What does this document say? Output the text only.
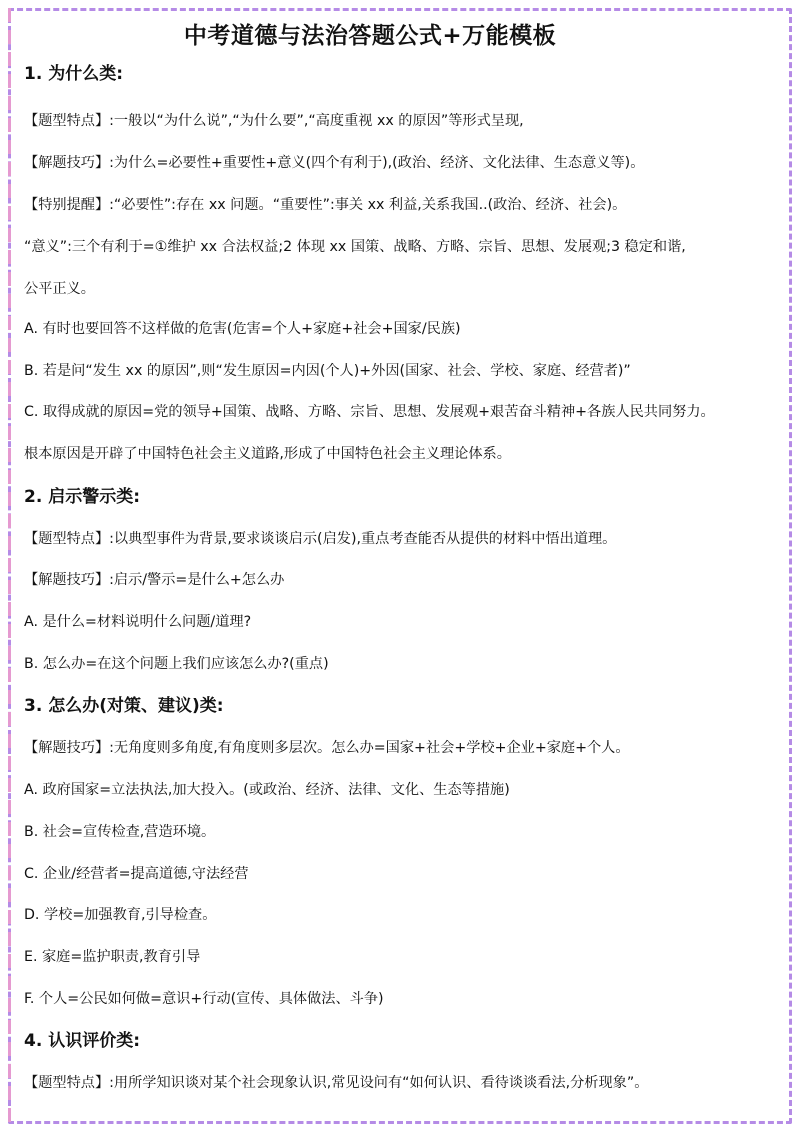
中考道德与法治答题公式+万能模板
1. 为什么类:
【题型特点】:一般以“为什么说”,“为什么要”,“高度重视 xx 的原因”等形式呈现,
【解题技巧】:为什么=必要性+重要性+意义(四个有利于),(政治、经济、文化法律、生态意义等)。
【特别提醒】:“必要性”:存在 xx 问题。“重要性”:事关 xx 利益,关系我国..(政治、经济、社会)。
“意义”:三个有利于=①维护 xx 合法权益;2 体现 xx 国策、战略、方略、宗旨、思想、发展观;3 稳定和谐,
公平正义。
A. 有时也要回答不这样做的危害(危害=个人+家庭+社会+国家/民族)
B. 若是问“发生 xx 的原因”,则“发生原因=内因(个人)+外因(国家、社会、学校、家庭、经营者)”
C. 取得成就的原因=党的领导+国策、战略、方略、宗旨、思想、发展观+艰苦奋斗精神+各族人民共同努力。
根本原因是开辟了中国特色社会主义道路,形成了中国特色社会主义理论体系。
2. 启示警示类:
【题型特点】:以典型事件为背景,要求谈谈启示(启发),重点考查能否从提供的材料中悟出道理。
【解题技巧】:启示/警示=是什么+怎么办
A. 是什么=材料说明什么问题/道理?
B. 怎么办=在这个问题上我们应该怎么办?(重点)
3. 怎么办(对策、建议)类:
【解题技巧】:无角度则多角度,有角度则多层次。怎么办=国家+社会+学校+企业+家庭+个人。
A. 政府国家=立法执法,加大投入。(或政治、经济、法律、文化、生态等措施)
B. 社会=宣传检查,营造环境。
C. 企业/经营者=提高道德,守法经营
D. 学校=加强教育,引导检查。
E. 家庭=监护职责,教育引导
F. 个人=公民如何做=意识+行动(宣传、具体做法、斗争)
4. 认识评价类:
【题型特点】:用所学知识谈对某个社会现象认识,常见设问有“如何认识、看待谈谈看法,分析现象”。
